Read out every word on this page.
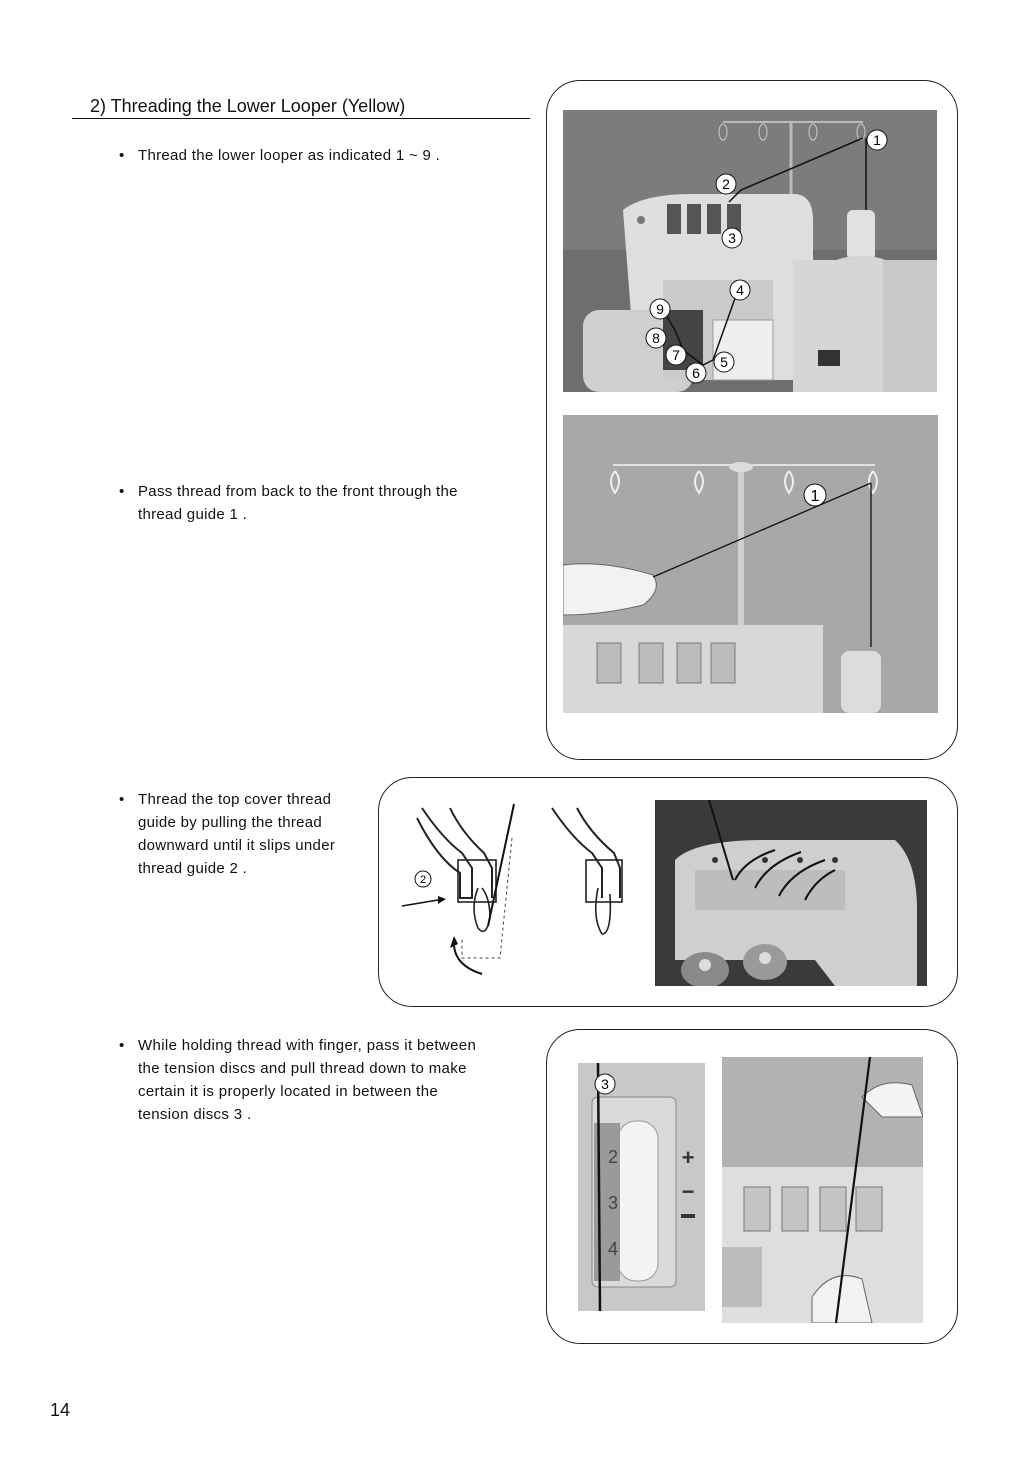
2) Threading the Lower Looper (Yellow)
• Thread the lower looper as indicated 1 ~ 9 .
• Pass thread from back to the front through the
thread guide 1 .
• Thread the top cover thread
guide by pulling the thread
downward until it slips under
thread guide 2 .
• While holding thread with finger, pass it between
the tension discs and pull thread down to make
certain it is properly located in between the
tension discs 3 .
1
2
3
4
5
6
7
8
9
1
2
3
2
3
4
+
−
14
